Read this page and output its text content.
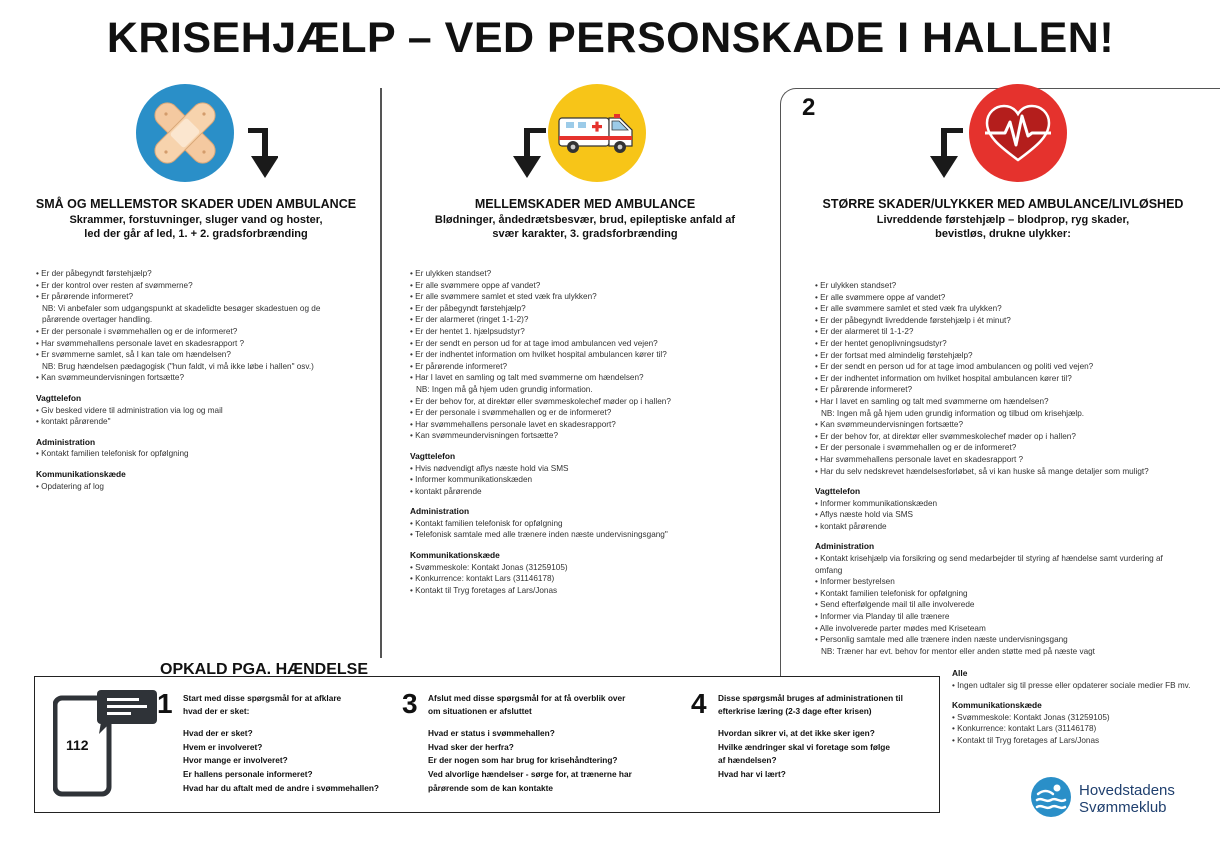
KRISEHJÆLP – VED PERSONSKADE I HALLEN!
2
SMÅ OG MELLEMSTOR SKADER UDEN AMBULANCE
Skrammer, forstuvninger, sluger vand og hoster,
led der går af led, 1. + 2. gradsforbrænding
• Er der påbegyndt førstehjælp?
• Er der kontrol over resten af svømmerne?
• Er pårørende informeret?
NB: Vi anbefaler som udgangspunkt at skadelidte besøger skadestuen og de
pårørende overtager handling.
• Er der personale i svømmehallen og er de informeret?
• Har svømmehallens personale lavet en skadesrapport ?
• Er svømmerne samlet, så I kan tale om hændelsen?
NB: Brug hændelsen pædagogisk ("hun faldt, vi må ikke løbe i hallen" osv.)
• Kan svømmeundervisningen fortsætte?
Vagttelefon
• Giv besked videre til administration via log og mail
• kontakt pårørende"
Administration
• Kontakt familien telefonisk for opfølgning
Kommunikationskæde
• Opdatering af log
MELLEMSKADER MED AMBULANCE
Blødninger, åndedrætsbesvær, brud, epileptiske anfald af
svær karakter, 3. gradsforbrænding
• Er ulykken standset?
• Er alle svømmere oppe af vandet?
• Er alle svømmere samlet et sted væk fra ulykken?
• Er der påbegyndt førstehjælp?
• Er der alarmeret (ringet 1-1-2)?
• Er der hentet 1. hjælpsudstyr?
• Er der sendt en person ud for at tage imod ambulancen ved vejen?
• Er der indhentet information om hvilket hospital ambulancen kører til?
• Er pårørende informeret?
• Har I lavet en samling og talt med svømmerne om hændelsen?
NB: Ingen må gå hjem uden grundig information.
• Er der behov for, at direktør eller svømmeskolechef møder op i hallen?
• Er der personale i svømmehallen og er de informeret?
• Har svømmehallens personale lavet en skadesrapport?
• Kan svømmeundervisningen fortsætte?
Vagttelefon
• Hvis nødvendigt aflys næste hold via SMS
• Informer kommunikationskæden
• kontakt pårørende
Administration
• Kontakt familien telefonisk for opfølgning
• Telefonisk samtale med alle trænere inden næste undervisningsgang"
Kommunikationskæde
• Svømmeskole: Kontakt Jonas (31259105)
• Konkurrence: kontakt Lars (31146178)
• Kontakt til Tryg foretages af Lars/Jonas
STØRRE SKADER/ULYKKER MED AMBULANCE/LIVLØSHED
Livreddende førstehjælp – blodprop, ryg skader,
bevistløs, drukne ulykker:
• Er ulykken standset?
• Er alle svømmere oppe af vandet?
• Er alle svømmere samlet et sted væk fra ulykken?
• Er der påbegyndt livreddende førstehjælp i ét minut?
• Er der alarmeret til 1-1-2?
• Er der hentet genoplivningsudstyr?
• Er der fortsat med almindelig førstehjælp?
• Er der sendt en person ud for at tage imod ambulancen og politi ved vejen?
• Er der indhentet information om hvilket hospital ambulancen kører til?
• Er pårørende informeret?
• Har I lavet en samling og talt med svømmerne om hændelsen?
NB: Ingen må gå hjem uden grundig information og tilbud om krisehjælp.
• Kan svømmeundervisningen fortsætte?
• Er der behov for, at direktør eller svømmeskolechef møder op i hallen?
• Er der personale i svømmehallen og er de informeret?
• Har svømmehallens personale lavet en skadesrapport ?
• Har du selv nedskrevet hændelsesforløbet, så vi kan huske så mange detaljer som muligt?
Vagttelefon
• Informer kommunikationskæden
• Aflys næste hold via SMS
• kontakt pårørende
Administration
• Kontakt krisehjælp via forsikring og send medarbejder til styring af hændelse samt vurdering af
omfang
• Informer bestyrelsen
• Kontakt familien telefonisk for opfølgning
• Send efterfølgende mail til alle involverede
• Informer via Planday til alle trænere
• Alle involverede parter mødes med Kriseteam
• Personlig samtale med alle trænere inden næste undervisningsgang
NB: Træner har evt. behov for mentor eller anden støtte med på næste vagt
Alle
• Ingen udtaler sig til presse eller opdaterer sociale medier FB mv.
Kommunikationskæde
• Svømmeskole: Kontakt Jonas (31259105)
• Konkurrence: kontakt Lars (31146178)
• Kontakt til Tryg foretages af Lars/Jonas
OPKALD PGA. HÆNDELSE
112
1 Start med disse spørgsmål for at afklare
hvad der er sket:
Hvad der er sket?
Hvem er involveret?
Hvor mange er involveret?
Er hallens personale informeret?
Hvad har du aftalt med de andre i svømmehallen?
3 Afslut med disse spørgsmål for at få overblik over
om situationen er afsluttet
Hvad er status i svømmehallen?
Hvad sker der herfra?
Er der nogen som har brug for krisehåndtering?
Ved alvorlige hændelser - sørge for, at trænerne har
pårørende som de kan kontakte
4 Disse spørgsmål bruges af administrationen til
efterkrise læring (2-3 dage efter krisen)
Hvordan sikrer vi, at det ikke sker igen?
Hvilke ændringer skal vi foretage som følge
af hændelsen?
Hvad har vi lært?
Hovedstadens
Svømmeklub
